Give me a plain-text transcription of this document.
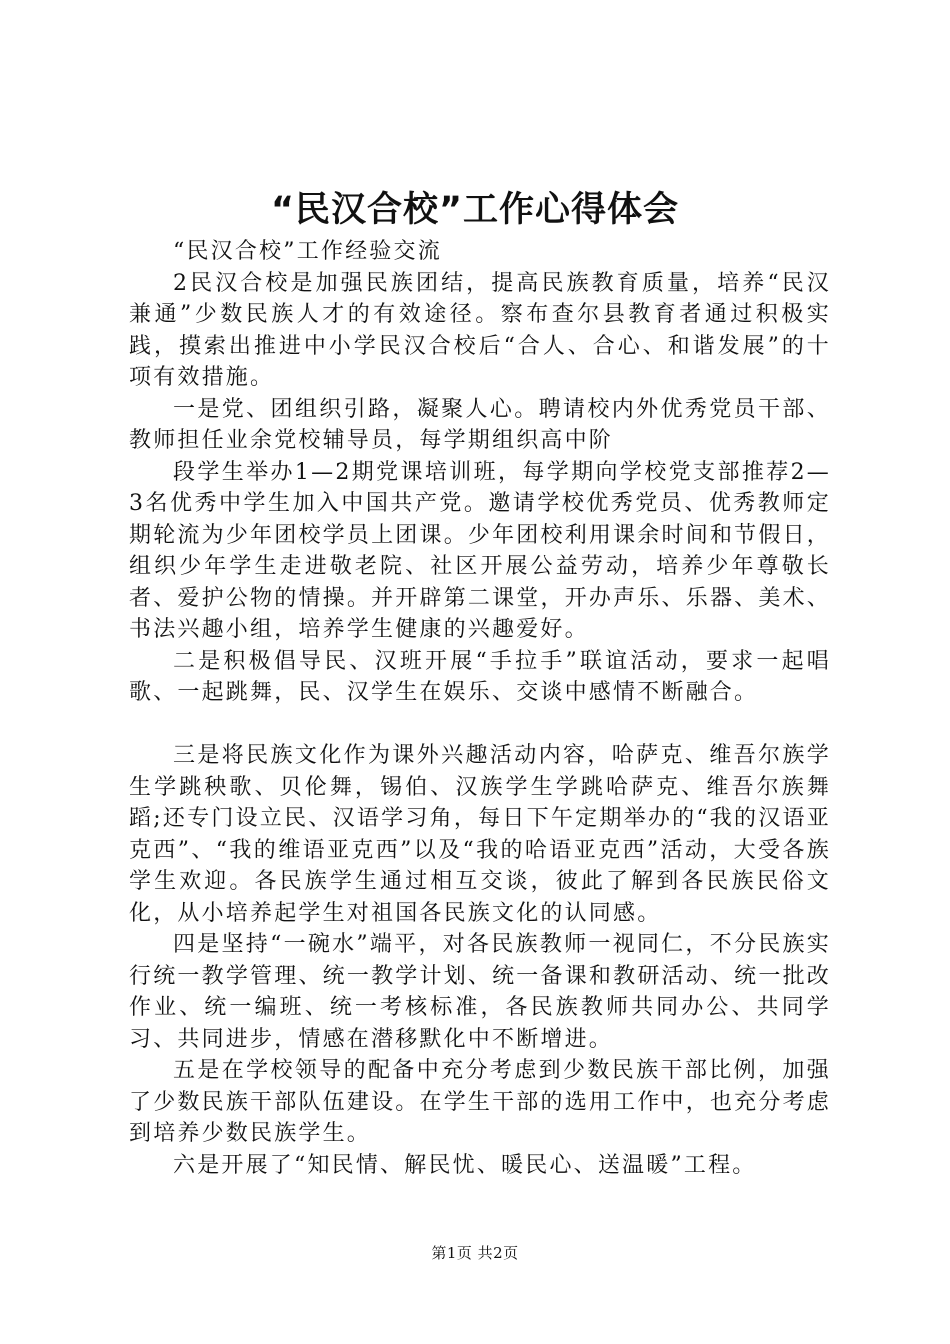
“民汉合校”工作心得体会

“民汉合校”工作经验交流

2民汉合校是加强民族团结，提高民族教育质量，培养“民汉兼通”少数民族人才的有效途径。察布查尔县教育者通过积极实践，摸索出推进中小学民汉合校后“合人、合心、和谐发展”的十项有效措施。

一是党、团组织引路，凝聚人心。聘请校内外优秀党员干部、教师担任业余党校辅导员，每学期组织高中阶

段学生举办1—2期党课培训班，每学期向学校党支部推荐2—3名优秀中学生加入中国共产党。邀请学校优秀党员、优秀教师定期轮流为少年团校学员上团课。少年团校利用课余时间和节假日，组织少年学生走进敬老院、社区开展公益劳动，培养少年尊敬长者、爱护公物的情操。并开辟第二课堂，开办声乐、乐器、美术、书法兴趣小组，培养学生健康的兴趣爱好。

二是积极倡导民、汉班开展“手拉手”联谊活动，要求一起唱歌、一起跳舞，民、汉学生在娱乐、交谈中感情不断融合。

三是将民族文化作为课外兴趣活动内容，哈萨克、维吾尔族学生学跳秧歌、贝伦舞，锡伯、汉族学生学跳哈萨克、维吾尔族舞蹈;还专门设立民、汉语学习角，每日下午定期举办的“我的汉语亚克西”、“我的维语亚克西”以及“我的哈语亚克西”活动，大受各族学生欢迎。各民族学生通过相互交谈，彼此了解到各民族民俗文化，从小培养起学生对祖国各民族文化的认同感。

四是坚持“一碗水”端平，对各民族教师一视同仁，不分民族实行统一教学管理、统一教学计划、统一备课和教研活动、统一批改作业、统一编班、统一考核标准，各民族教师共同办公、共同学习、共同进步，情感在潜移默化中不断增进。

五是在学校领导的配备中充分考虑到少数民族干部比例，加强了少数民族干部队伍建设。在学生干部的选用工作中，也充分考虑到培养少数民族学生。

六是开展了“知民情、解民忧、暖民心、送温暖”工程。

第1页 共2页
